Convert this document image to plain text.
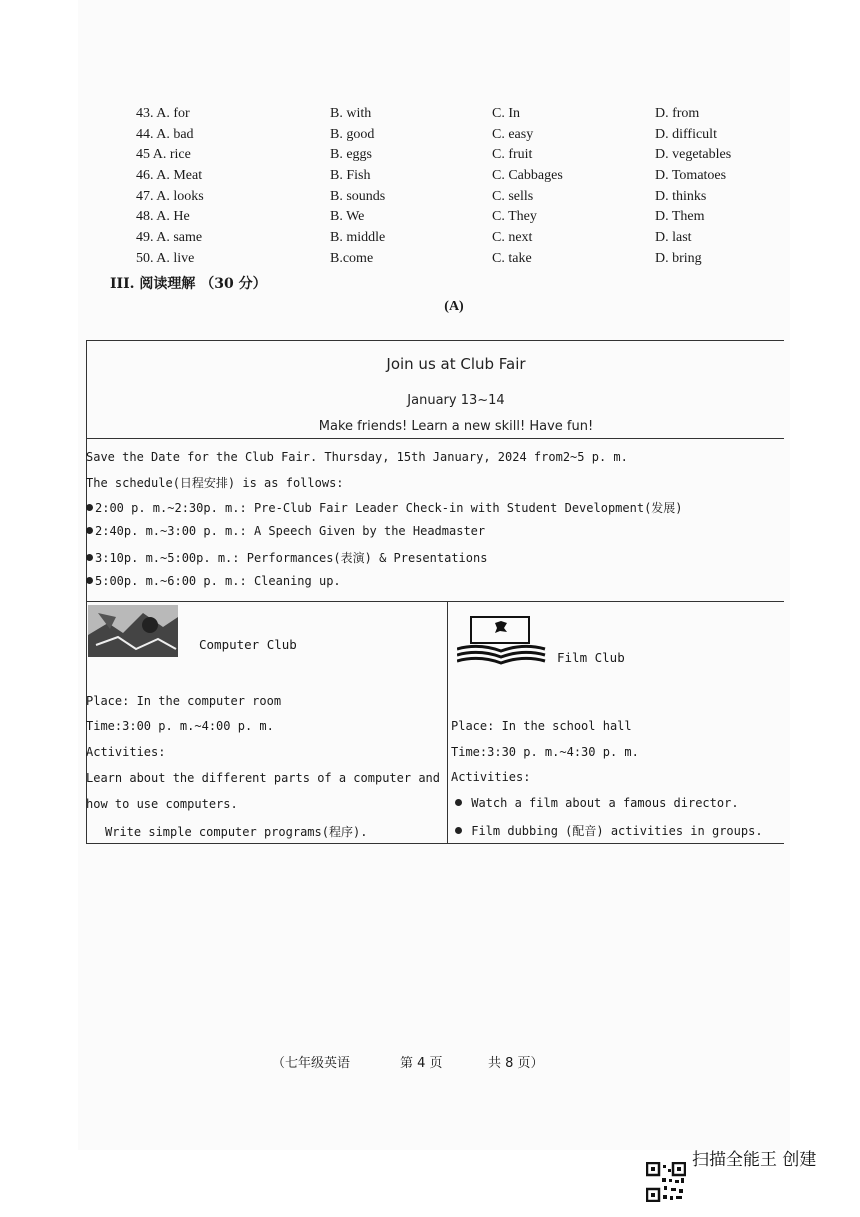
43. A. for	B. with	C. In	D. from
44. A. bad	B. good	C. easy	D. difficult
45 A. rice	B. eggs	C. fruit	D. vegetables
46. A. Meat	B. Fish	C. Cabbages	D. Tomatoes
47. A. looks	B. sounds	C. sells	D. thinks
48. A. He	B. We	C. They	D. Them
49. A. same	B. middle	C. next	D. last
50. A. live	B.come	C. take	D. bring
III. 阅读理解 （30 分）
(A)
Join us at Club Fair
January 13~14
Make friends! Learn a new skill! Have fun!
Save the Date for the Club Fair. Thursday, 15th January, 2024 from2~5 p. m.
The schedule(日程安排) is as follows:
2:00 p. m.~2:30p. m.: Pre-Club Fair Leader Check-in with Student Development(发展)
2:40p. m.~3:00 p. m.: A Speech Given by the Headmaster
3:10p. m.~5:00p. m.: Performances(表演) & Presentations
5:00p. m.~6:00 p. m.: Cleaning up.
Computer Club
Place: In the computer room
Time:3:00 p. m.~4:00 p. m.
Activities:
Learn about the different parts of a computer and
how to use computers.
Write simple computer programs(程序).
Film Club
Place: In the school hall
Time:3:30 p. m.~4:30 p. m.
Activities:
Watch a film about a famous director.
Film dubbing (配音) activities in groups.
（七年级英语	第 4 页	共 8 页）
扫描全能王 创建
